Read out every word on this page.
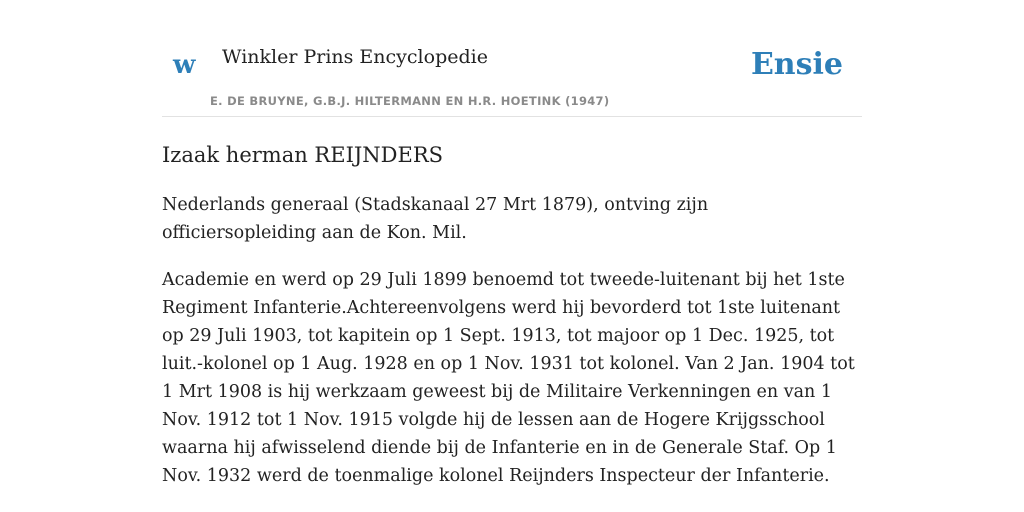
w Winkler Prins Encyclopedie
E. DE BRUYNE, G.B.J. HILTERMANN EN H.R. HOETINK (1947)
Ensie
Izaak herman REIJNDERS

Nederlands generaal (Stadskanaal 27 Mrt 1879), ontving zijn officiersopleiding aan de Kon. Mil.

Academie en werd op 29 Juli 1899 benoemd tot tweede-luitenant bij het 1ste Regiment Infanterie.Achtereenvolgens werd hij bevorderd tot 1ste luitenant op 29 Juli 1903, tot kapitein op 1 Sept. 1913, tot majoor op 1 Dec. 1925, tot luit.-kolonel op 1 Aug. 1928 en op 1 Nov. 1931 tot kolonel. Van 2 Jan. 1904 tot 1 Mrt 1908 is hij werkzaam geweest bij de Militaire Verkenningen en van 1 Nov. 1912 tot 1 Nov. 1915 volgde hij de lessen aan de Hogere Krijgsschool waarna hij afwisselend diende bij de Infanterie en in de Generale Staf. Op 1 Nov. 1932 werd de toenmalige kolonel Reijnders Inspecteur der Infanterie.
